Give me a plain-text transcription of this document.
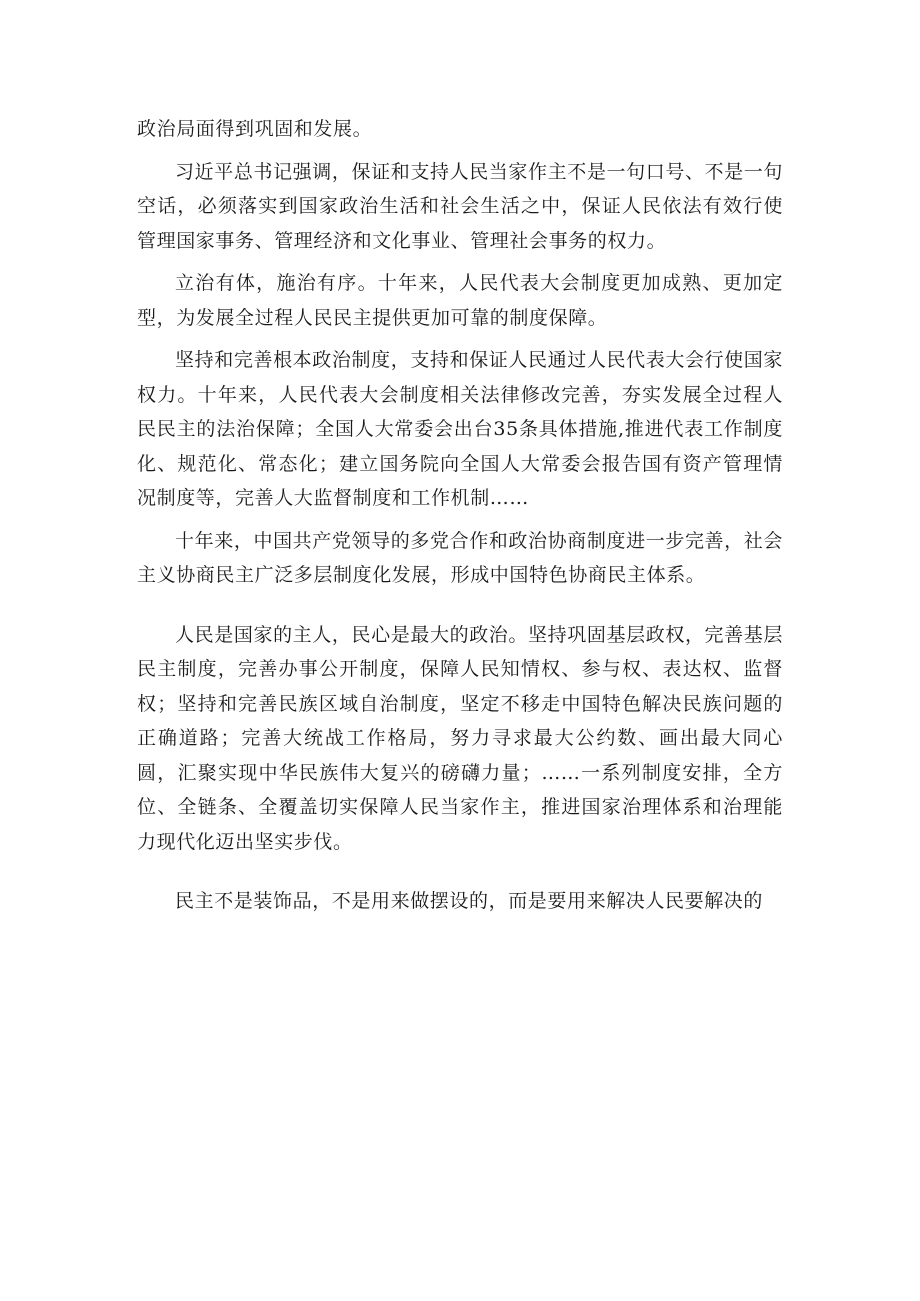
政治局面得到巩固和发展。

习近平总书记强调，保证和支持人民当家作主不是一句口号、不是一句空话，必须落实到国家政治生活和社会生活之中，保证人民依法有效行使管理国家事务、管理经济和文化事业、管理社会事务的权力。

立治有体，施治有序。十年来，人民代表大会制度更加成熟、更加定型，为发展全过程人民民主提供更加可靠的制度保障。

坚持和完善根本政治制度，支持和保证人民通过人民代表大会行使国家权力。十年来，人民代表大会制度相关法律修改完善，夯实发展全过程人民民主的法治保障；全国人大常委会出台35条具体措施,推进代表工作制度化、规范化、常态化；建立国务院向全国人大常委会报告国有资产管理情况制度等，完善人大监督制度和工作机制……

十年来，中国共产党领导的多党合作和政治协商制度进一步完善，社会主义协商民主广泛多层制度化发展，形成中国特色协商民主体系。

人民是国家的主人，民心是最大的政治。坚持巩固基层政权，完善基层民主制度，完善办事公开制度，保障人民知情权、参与权、表达权、监督权；坚持和完善民族区域自治制度，坚定不移走中国特色解决民族问题的正确道路；完善大统战工作格局，努力寻求最大公约数、画出最大同心圆，汇聚实现中华民族伟大复兴的磅礴力量；……一系列制度安排，全方位、全链条、全覆盖切实保障人民当家作主，推进国家治理体系和治理能力现代化迈出坚实步伐。

民主不是装饰品，不是用来做摆设的，而是要用来解决人民要解决的
